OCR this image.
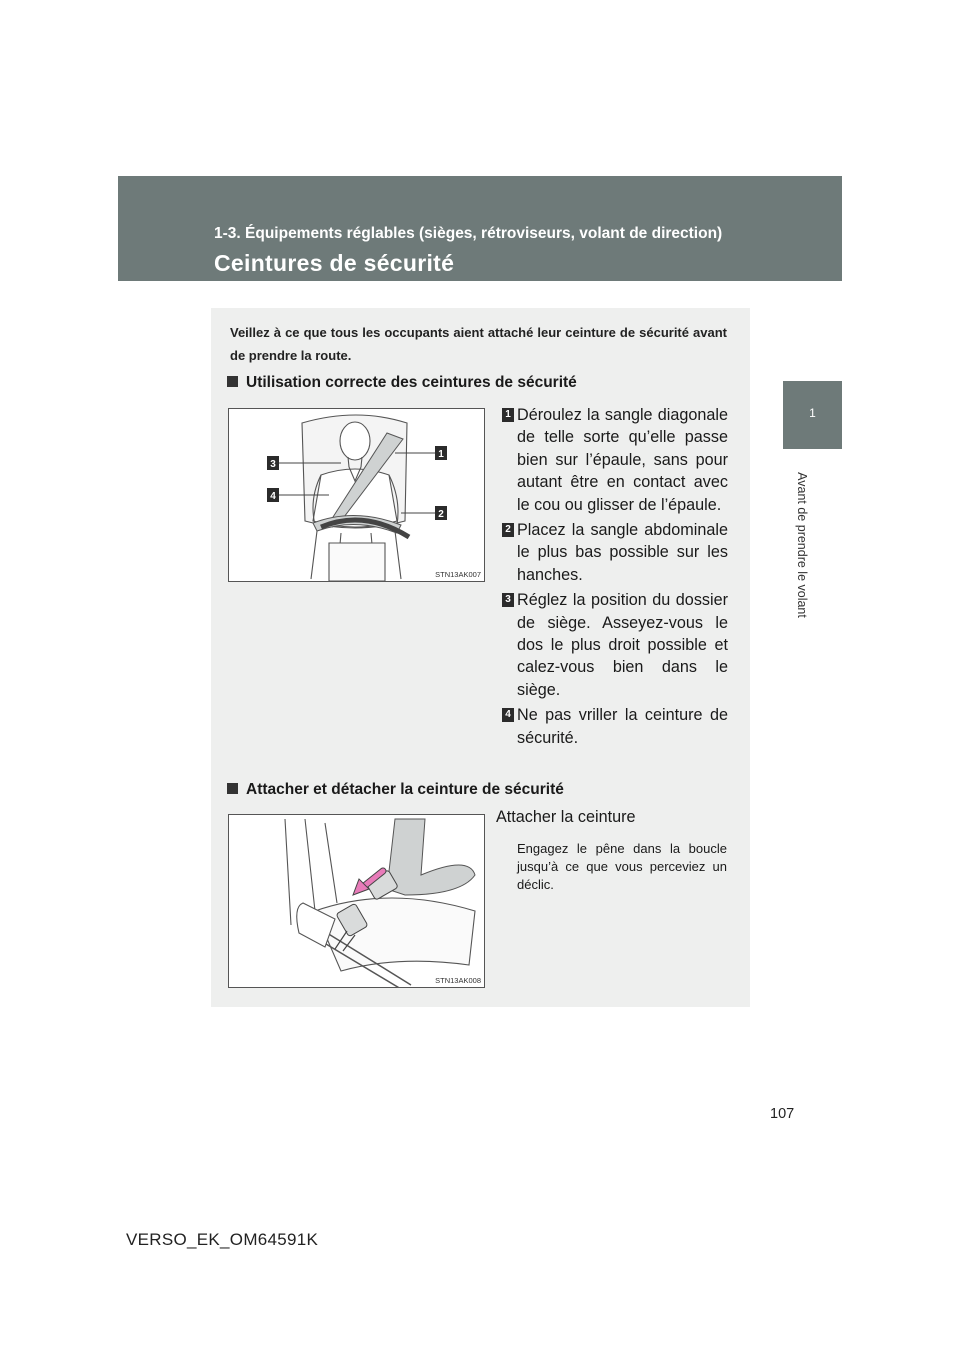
1-3. Équipements réglables (sièges, rétroviseurs, volant de direction)

Ceintures de sécurité
1
Avant de prendre le volant

Veillez à ce que tous les occupants aient attaché leur ceinture de sécurité avant de prendre la route.

Utilisation correcte des ceintures de sécurité
1
2
3
4
STN13AK007
1 Déroulez la sangle diagonale de telle sorte qu’elle passe bien sur l’épaule, sans pour autant être en contact avec le cou ou glisser de l’épaule.
2 Placez la sangle abdominale le plus bas possible sur les hanches.
3 Réglez la position du dossier de siège. Asseyez-vous le dos le plus droit possible et calez-vous bien dans le siège.
4 Ne pas vriller la ceinture de sécurité.
Attacher et détacher la ceinture de sécurité
STN13AK008

Attacher la ceinture

Engagez le pêne dans la boucle jusqu’à ce que vous perceviez un déclic.

107

VERSO_EK_OM64591K
